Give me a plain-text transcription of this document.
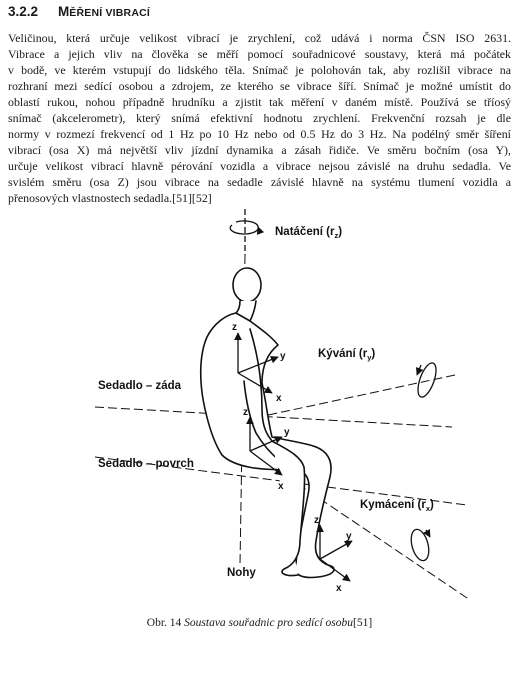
3.2.2 MĚŘENÍ VIBRACÍ

Veličinou, která určuje velikost vibrací je zrychlení, což udává i norma ČSN ISO 2631.
Vibrace a jejich vliv na člověka se měří pomocí souřadnicové soustavy, která má počátek
v bodě, ve kterém vstupují do lidského těla. Snímač je polohován tak, aby rozlišil vibrace na
rozhraní mezi sedící osobou a zdrojem, ze kterého se vibrace šíří. Snímač je možné umístit do
oblastí rukou, nohou případně hrudníku a zjistit tak měření v daném místě. Používá se tříosý
snímač (akcelerometr), který snímá efektivní hodnotu zrychlení. Frekvenční rozsah je dle
normy v rozmezí frekvencí od 1 Hz po 10 Hz nebo od 0.5 Hz do 3 Hz. Na podélný směr šíření
vibrací (osa X) má největší vliv jízdní dynamika a zásah řidiče. Ve směru bočním (osa Y),
určuje velikost vibrací hlavně pérování vozidla a vibrace nejsou závislé na druhu sedadla. Ve
svislém směru (osa Z) jsou vibrace na sedadle závislé hlavně na systému tlumení vozidla a
přenosových vlastnostech sedadla.[51][52]

z
y
x
z
y
x
z
y
x
Natáčení $(r_z)$
Kývání $(r_y)$
Sedadlo – záda
Sedadlo – povrch
Kymácení $(r_x)$
Nohy
Obr. 14 Soustava souřadnic pro sedící osobu[51]
